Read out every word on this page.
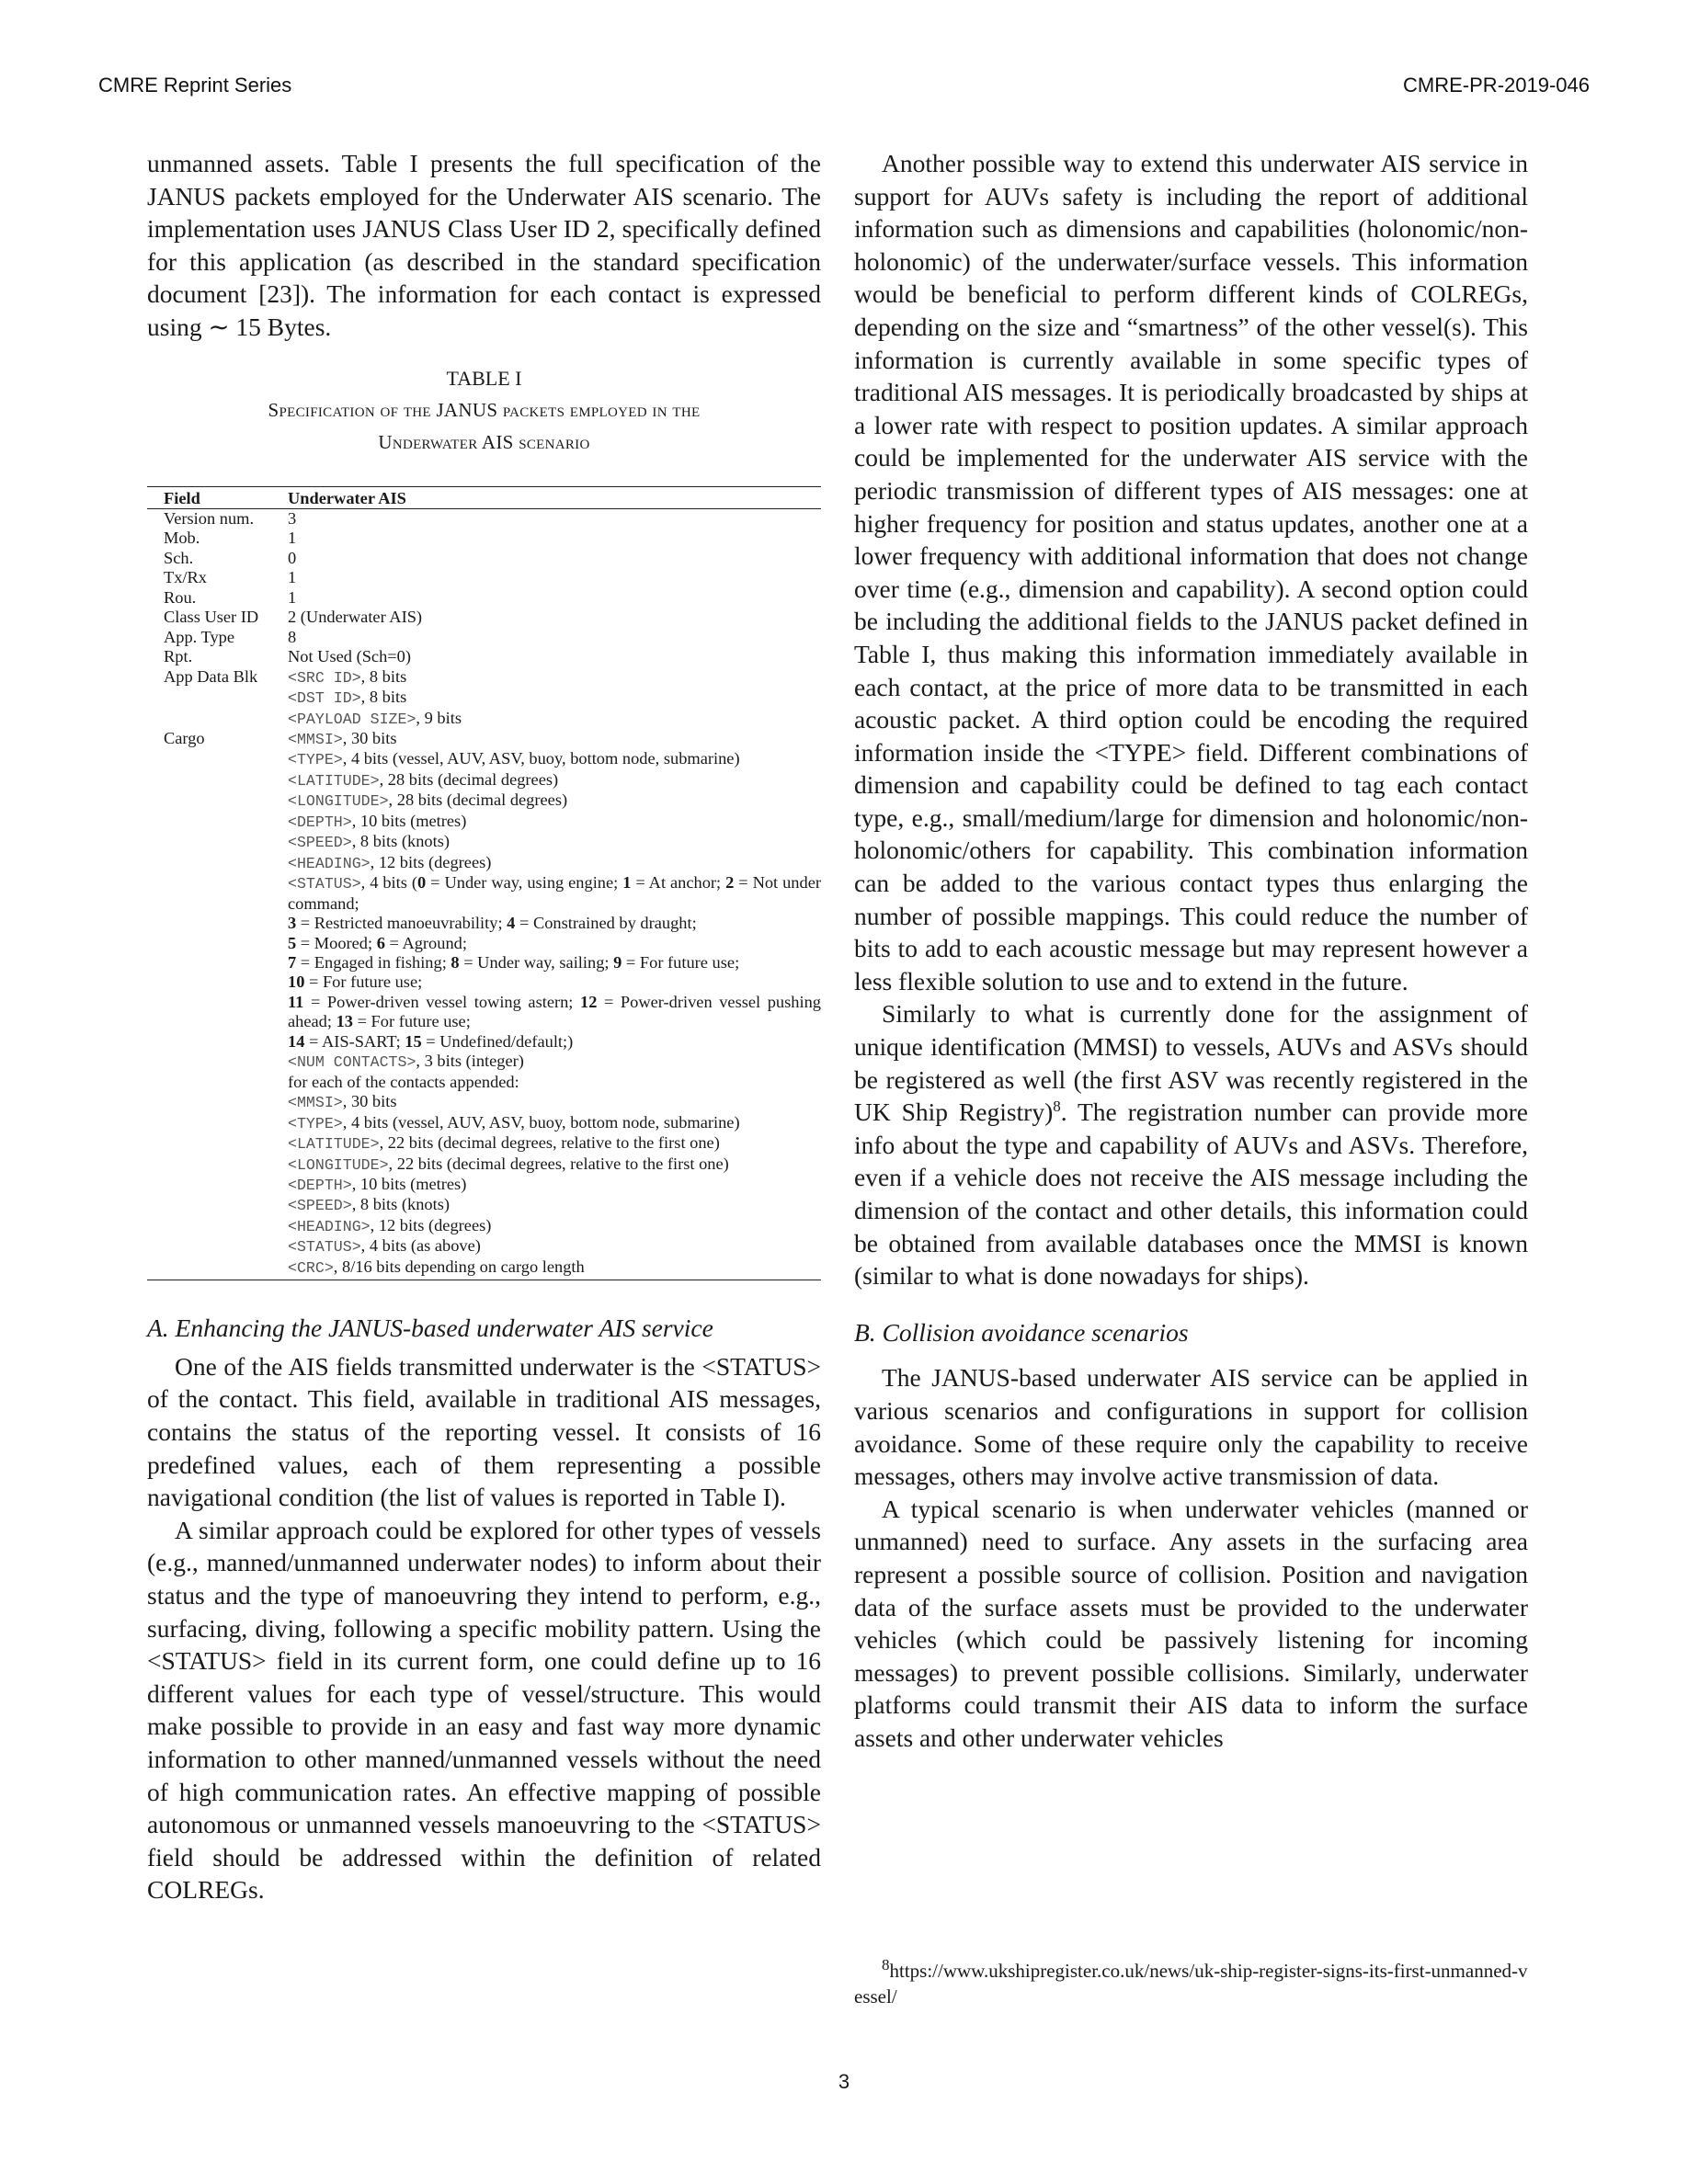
CMRE Reprint Series	CMRE-PR-2019-046

unmanned assets. Table I presents the full specification of the JANUS packets employed for the Underwater AIS scenario. The implementation uses JANUS Class User ID 2, specifically defined for this application (as described in the standard specification document [23]). The information for each contact is expressed using ∼ 15 Bytes.

TABLE I
Specification of the JANUS packets employed in the
Underwater AIS scenario
Field	Underwater AIS
Version num.	3
Mob.	1
Sch.	0
Tx/Rx	1
Rou.	1
Class User ID	2 (Underwater AIS)
App. Type	8
Rpt.	Not Used (Sch=0)
App Data Blk	<SRC ID>, 8 bits
<DST ID>, 8 bits
<PAYLOAD SIZE>, 9 bits
Cargo	<MMSI>, 30 bits
<TYPE>, 4 bits (vessel, AUV, ASV, buoy, bottom node, submarine)
<LATITUDE>, 28 bits (decimal degrees)
<LONGITUDE>, 28 bits (decimal degrees)
<DEPTH>, 10 bits (metres)
<SPEED>, 8 bits (knots)
<HEADING>, 12 bits (degrees)
<STATUS>, 4 bits (0 = Under way, using engine; 1 = At anchor; 2 = Not under command;
3 = Restricted manoeuvrability; 4 = Constrained by draught;
5 = Moored; 6 = Aground;
7 = Engaged in fishing; 8 = Under way, sailing; 9 = For future use;
10 = For future use;
11 = Power-driven vessel towing astern; 12 = Power-driven vessel pushing ahead; 13 = For future use;
14 = AIS-SART; 15 = Undefined/default;)
<NUM CONTACTS>, 3 bits (integer)
for each of the contacts appended:
<MMSI>, 30 bits
<TYPE>, 4 bits (vessel, AUV, ASV, buoy, bottom node, submarine)
<LATITUDE>, 22 bits (decimal degrees, relative to the first one)
<LONGITUDE>, 22 bits (decimal degrees, relative to the first one)
<DEPTH>, 10 bits (metres)
<SPEED>, 8 bits (knots)
<HEADING>, 12 bits (degrees)
<STATUS>, 4 bits (as above)
<CRC>, 8/16 bits depending on cargo length
A. Enhancing the JANUS-based underwater AIS service

One of the AIS fields transmitted underwater is the <STATUS> of the contact. This field, available in traditional AIS messages, contains the status of the reporting vessel. It consists of 16 predefined values, each of them representing a possible navigational condition (the list of values is reported in Table I).

A similar approach could be explored for other types of vessels (e.g., manned/unmanned underwater nodes) to inform about their status and the type of manoeuvring they intend to perform, e.g., surfacing, diving, following a specific mobility pattern. Using the <STATUS> field in its current form, one could define up to 16 different values for each type of vessel/structure. This would make possible to provide in an easy and fast way more dynamic information to other manned/unmanned vessels without the need of high communication rates. An effective mapping of possible autonomous or unmanned vessels manoeuvring to the <STATUS> field should be addressed within the definition of related COLREGs.

Another possible way to extend this underwater AIS service in support for AUVs safety is including the report of additional information such as dimensions and capabilities (holonomic/non-holonomic) of the underwater/surface vessels. This information would be beneficial to perform different kinds of COLREGs, depending on the size and “smartness” of the other vessel(s). This information is currently available in some specific types of traditional AIS messages. It is periodically broadcasted by ships at a lower rate with respect to position updates. A similar approach could be implemented for the underwater AIS service with the periodic transmission of different types of AIS messages: one at higher frequency for position and status updates, another one at a lower frequency with additional information that does not change over time (e.g., dimension and capability). A second option could be including the additional fields to the JANUS packet defined in Table I, thus making this information immediately available in each contact, at the price of more data to be transmitted in each acoustic packet. A third option could be encoding the required information inside the <TYPE> field. Different combinations of dimension and capability could be defined to tag each contact type, e.g., small/medium/large for dimension and holonomic/non-holonomic/others for capability. This combination information can be added to the various contact types thus enlarging the number of possible mappings. This could reduce the number of bits to add to each acoustic message but may represent however a less flexible solution to use and to extend in the future.

Similarly to what is currently done for the assignment of unique identification (MMSI) to vessels, AUVs and ASVs should be registered as well (the first ASV was recently registered in the UK Ship Registry)$^8$. The registration number can provide more info about the type and capability of AUVs and ASVs. Therefore, even if a vehicle does not receive the AIS message including the dimension of the contact and other details, this information could be obtained from available databases once the MMSI is known (similar to what is done nowadays for ships).

B. Collision avoidance scenarios

The JANUS-based underwater AIS service can be applied in various scenarios and configurations in support for collision avoidance. Some of these require only the capability to receive messages, others may involve active transmission of data.

A typical scenario is when underwater vehicles (manned or unmanned) need to surface. Any assets in the surfacing area represent a possible source of collision. Position and navigation data of the surface assets must be provided to the underwater vehicles (which could be passively listening for incoming messages) to prevent possible collisions. Similarly, underwater platforms could transmit their AIS data to inform the surface assets and other underwater vehicles

$^8$https://www.ukshipregister.co.uk/news/uk-ship-register-signs-its-first-unmanned-vessel/
3
